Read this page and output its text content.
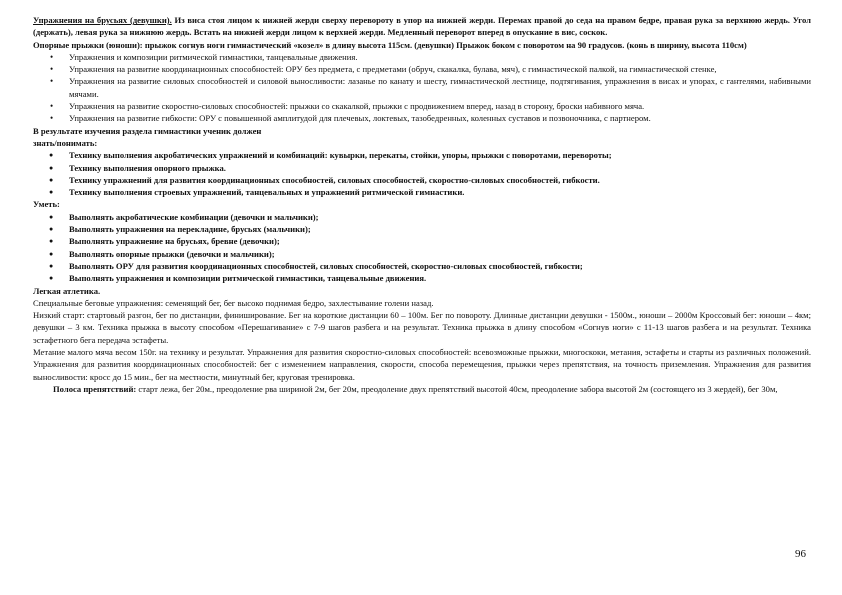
Упражнения на брусьях (девушки). Из виса стоя лицом к нижней жерди сверху перевороту в упор на нижней жерди. Перемах правой до седа на правом бедре, правая рука за верхнюю жердь. Угол (держать), левая рука за нижнюю жердь. Встать на нижней жерди лицом к верхней жерди. Медленный переворот вперед в опускание в вис, соскок.

Опорные прыжки (юноши): прыжок согнув ноги гимнастический «козел» в длину высота 115см. (девушки) Прыжок боком с поворотом на 90 градусов. (конь в ширину, высота 110см)

• Упражнения и композиции ритмической гимнастики, танцевальные движения.
• Упражнения на развитие координационных способностей: ОРУ без предмета, с предметами (обруч, скакалка, булава, мяч), с гимнастической палкой, на гимнастической стенке,
• Упражнения на развитие силовых способностей и силовой выносливости: лазанье по канату и шесту, гимнастической лестнице, подтягивания, упражнения в висах и упорах, с гантелями, набивными мячами.
• Упражнения на развитие скоростно-силовых способностей: прыжки со скакалкой, прыжки с продвижением вперед, назад в сторону, броски набивного мяча.
• Упражнения на развитие гибкости: ОРУ с повышенной амплитудой для плечевых, локтевых, тазобедренных, коленных суставов и позвоночника, с партнером.

В результате изучения раздела гимнастики ученик должен

знать/понимать:

● Технику выполнения акробатических упражнений и комбинаций: кувырки, перекаты, стойки, упоры, прыжки с поворотами, перевороты;
● Технику выполнения опорного прыжка.
● Технику упражнений для развития координационных способностей, силовых способностей, скоростно-силовых способностей, гибкости.
● Технику выполнения строевых упражнений, танцевальных и упражнений ритмической гимнастики.

Уметь:

● Выполнять акробатические комбинации (девочки и мальчики);
● Выполнять упражнения на перекладине, брусьях (мальчики);
● Выполнять упражнение на брусьях, бревне (девочки);
● Выполнять опорные прыжки (девочки и мальчики);
● Выполнять ОРУ для развития координационных способностей, силовых способностей, скоростно-силовых способностей, гибкости;
● Выполнять упражнения и композиции ритмической гимнастики, танцевальные движения.

Легкая атлетика.

Специальные беговые упражнения: семенящий бег, бег высоко поднимая бедро, захлестывание голени назад.

Низкий старт: стартовый разгон, бег по дистанции, финиширование. Бег на короткие дистанции 60 – 100м. Бег по повороту. Длинные дистанции девушки - 1500м., юноши – 2000м Кроссовый бег: юноши – 4км; девушки – 3 км. Техника прыжка в высоту способом «Перешагивание» с 7-9 шагов разбега и на результат. Техника прыжка в длину способом «Согнув ноги» с 11-13 шагов разбега и на результат. Техника эстафетного бега передача эстафеты.

Метание малого мяча весом 150г. на технику и результат. Упражнения для развития скоростно-силовых способностей: всевозможные прыжки, многоскоки, метания, эстафеты и старты из различных положений. Упражнения для развития координационных способностей: бег с изменением направления, скорости, способа перемещения, прыжки через препятствия, на точность приземления. Упражнения для развития выносливости: кросс до 15 мин., бег на местности, минутный бег, круговая тренировка.

Полоса препятствий: старт лежа, бег 20м., преодоление рва шириной 2м, бег 20м, преодоление двух препятствий высотой 40см, преодоление забора высотой 2м (состоящего из 3 жердей), бег 30м,

96
